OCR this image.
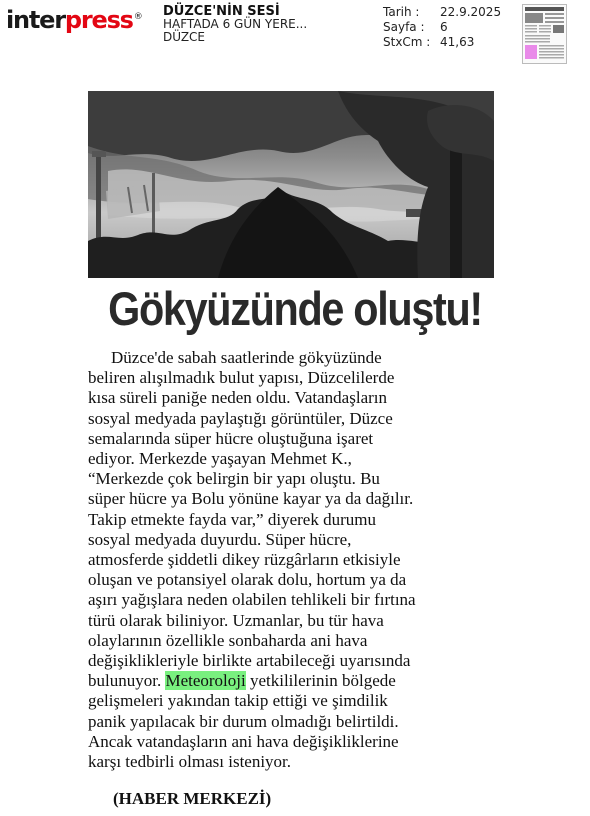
interpress® DÜZCE'NİN SESİ
HAFTADA 6 GÜN YERE...
DÜZCE
Tarih :	22.9.2025
Sayfa :	6
StxCm : 41,63
Gökyüzünde oluştu!
Düzce'de sabah saatlerinde gökyüzünde
beliren alışılmadık bulut yapısı, Düzcelilerde
kısa süreli paniğe neden oldu. Vatandaşların
sosyal medyada paylaştığı görüntüler, Düzce
semalarında süper hücre oluştuğuna işaret
ediyor. Merkezde yaşayan Mehmet K.,
“Merkezde çok belirgin bir yapı oluştu. Bu
süper hücre ya Bolu yönüne kayar ya da dağılır.
Takip etmekte fayda var,” diyerek durumu
sosyal medyada duyurdu. Süper hücre,
atmosferde şiddetli dikey rüzgârların etkisiyle
oluşan ve potansiyel olarak dolu, hortum ya da
aşırı yağışlara neden olabilen tehlikeli bir fırtına
türü olarak biliniyor. Uzmanlar, bu tür hava
olaylarının özellikle sonbaharda ani hava
değişiklikleriyle birlikte artabileceği uyarısında
bulunuyor. Meteoroloji yetkililerinin bölgede
gelişmeleri yakından takip ettiği ve şimdilik
panik yapılacak bir durum olmadığı belirtildi.
Ancak vatandaşların ani hava değişikliklerine
karşı tedbirli olması isteniyor.
(HABER MERKEZİ)
